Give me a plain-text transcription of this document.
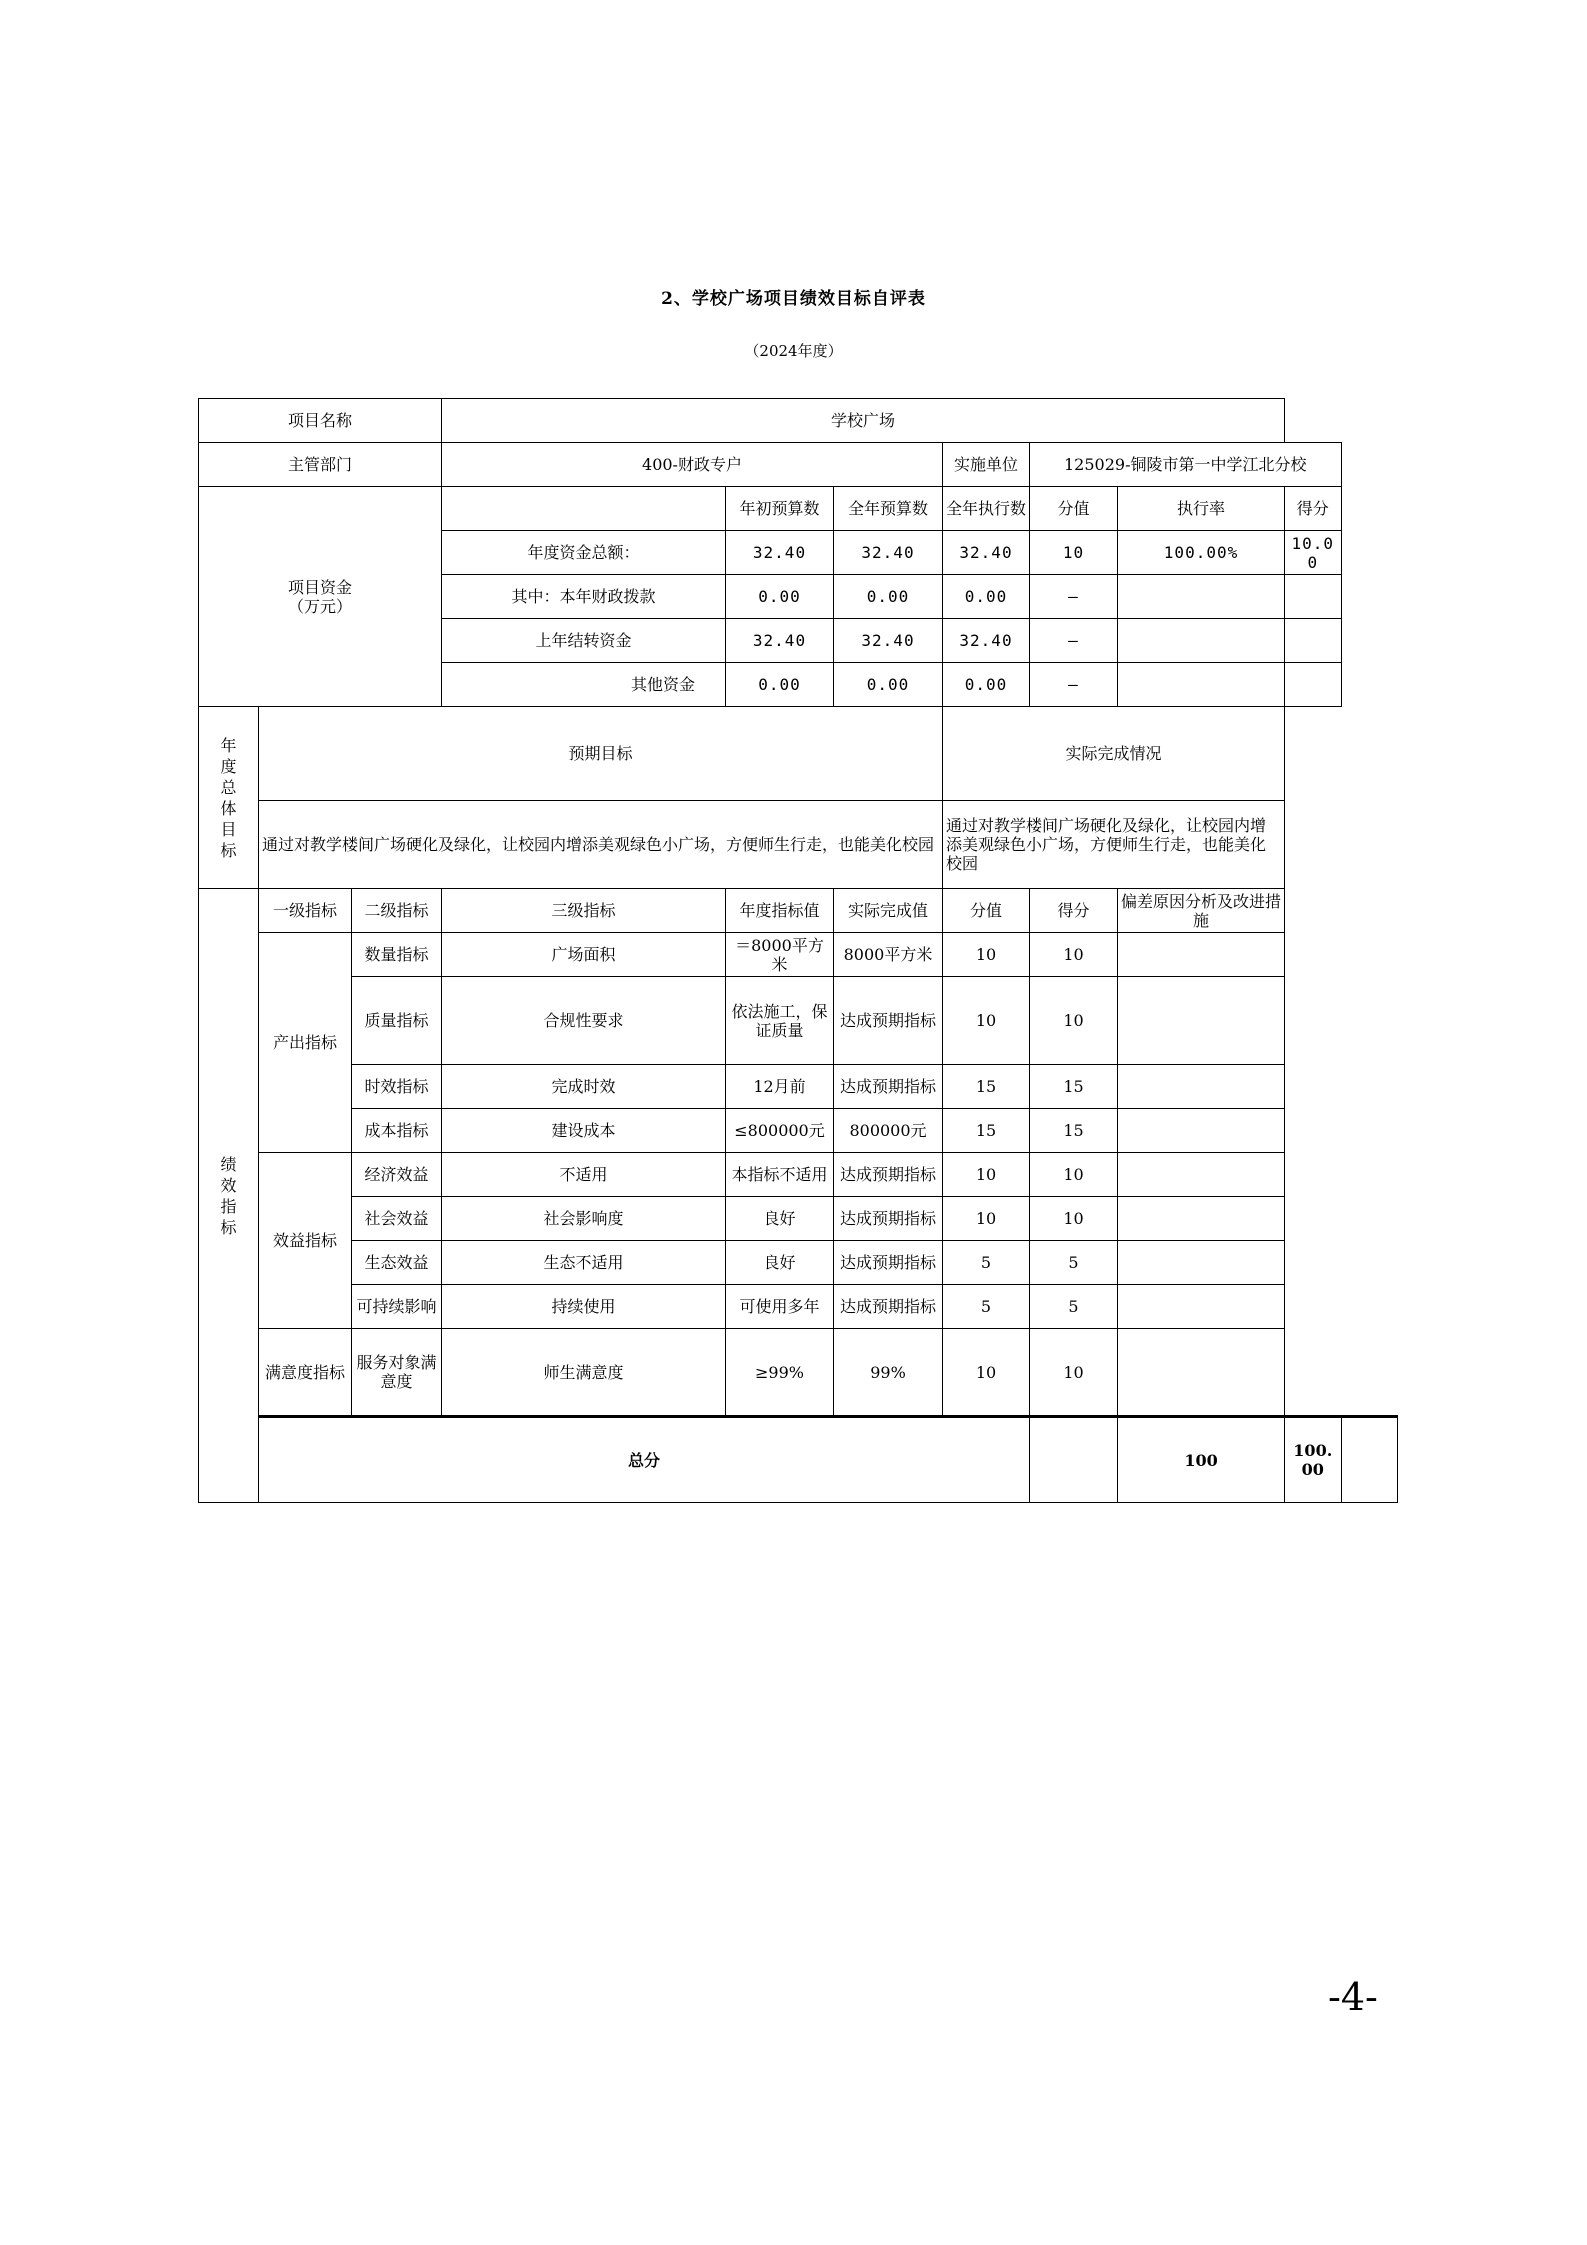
2、学校广场项目绩效目标自评表
（2024年度）
项目名称			学校广场							
主管部门			400-财政专户			实施单位	125029-铜陵市第一中学江北分校			
项目资金（万元）				年初预算数	全年预算数	全年执行数	分值	执行率	得分	
			年度资金总额：	32.40	32.40	32.40	10	100.00%	10.00	
			其中：本年财政拨款	0.00	0.00	0.00	—			
			上年结转资金	32.40	32.40	32.40	—			
			其他资金	0.00	0.00	0.00	—			

年度总体目标	预期目标					实际完成情况				
	通过对教学楼间广场硬化及绿化，让校园内增添美观绿色小广场，方便师生行走，也能美化校园					通过对教学楼间广场硬化及绿化，让校园内增添美观绿色小广场，方便师生行走，也能美化校园				

绩效指标	一级指标	二级指标	三级指标	年度指标值	实际完成值	分值	得分	偏差原因分析及改进措施		
	产出指标	数量指标	广场面积	＝8000平方米	8000平方米	10	10			
		质量指标	合规性要求	依法施工，保证质量	达成预期指标	10	10			
		时效指标	完成时效	12月前	达成预期指标	15	15			
		成本指标	建设成本	≤800000元	800000元	15	15			
	效益指标	经济效益	不适用	本指标不适用	达成预期指标	10	10			
		社会效益	社会影响度	良好	达成预期指标	10	10			
		生态效益	生态不适用	良好	达成预期指标	5	5			
		可持续影响	持续使用	可使用多年	达成预期指标	5	5			
	满意度指标	服务对象满意度	师生满意度	≥99%	99%	10	10			
	总分							100	100.00	
-4-
